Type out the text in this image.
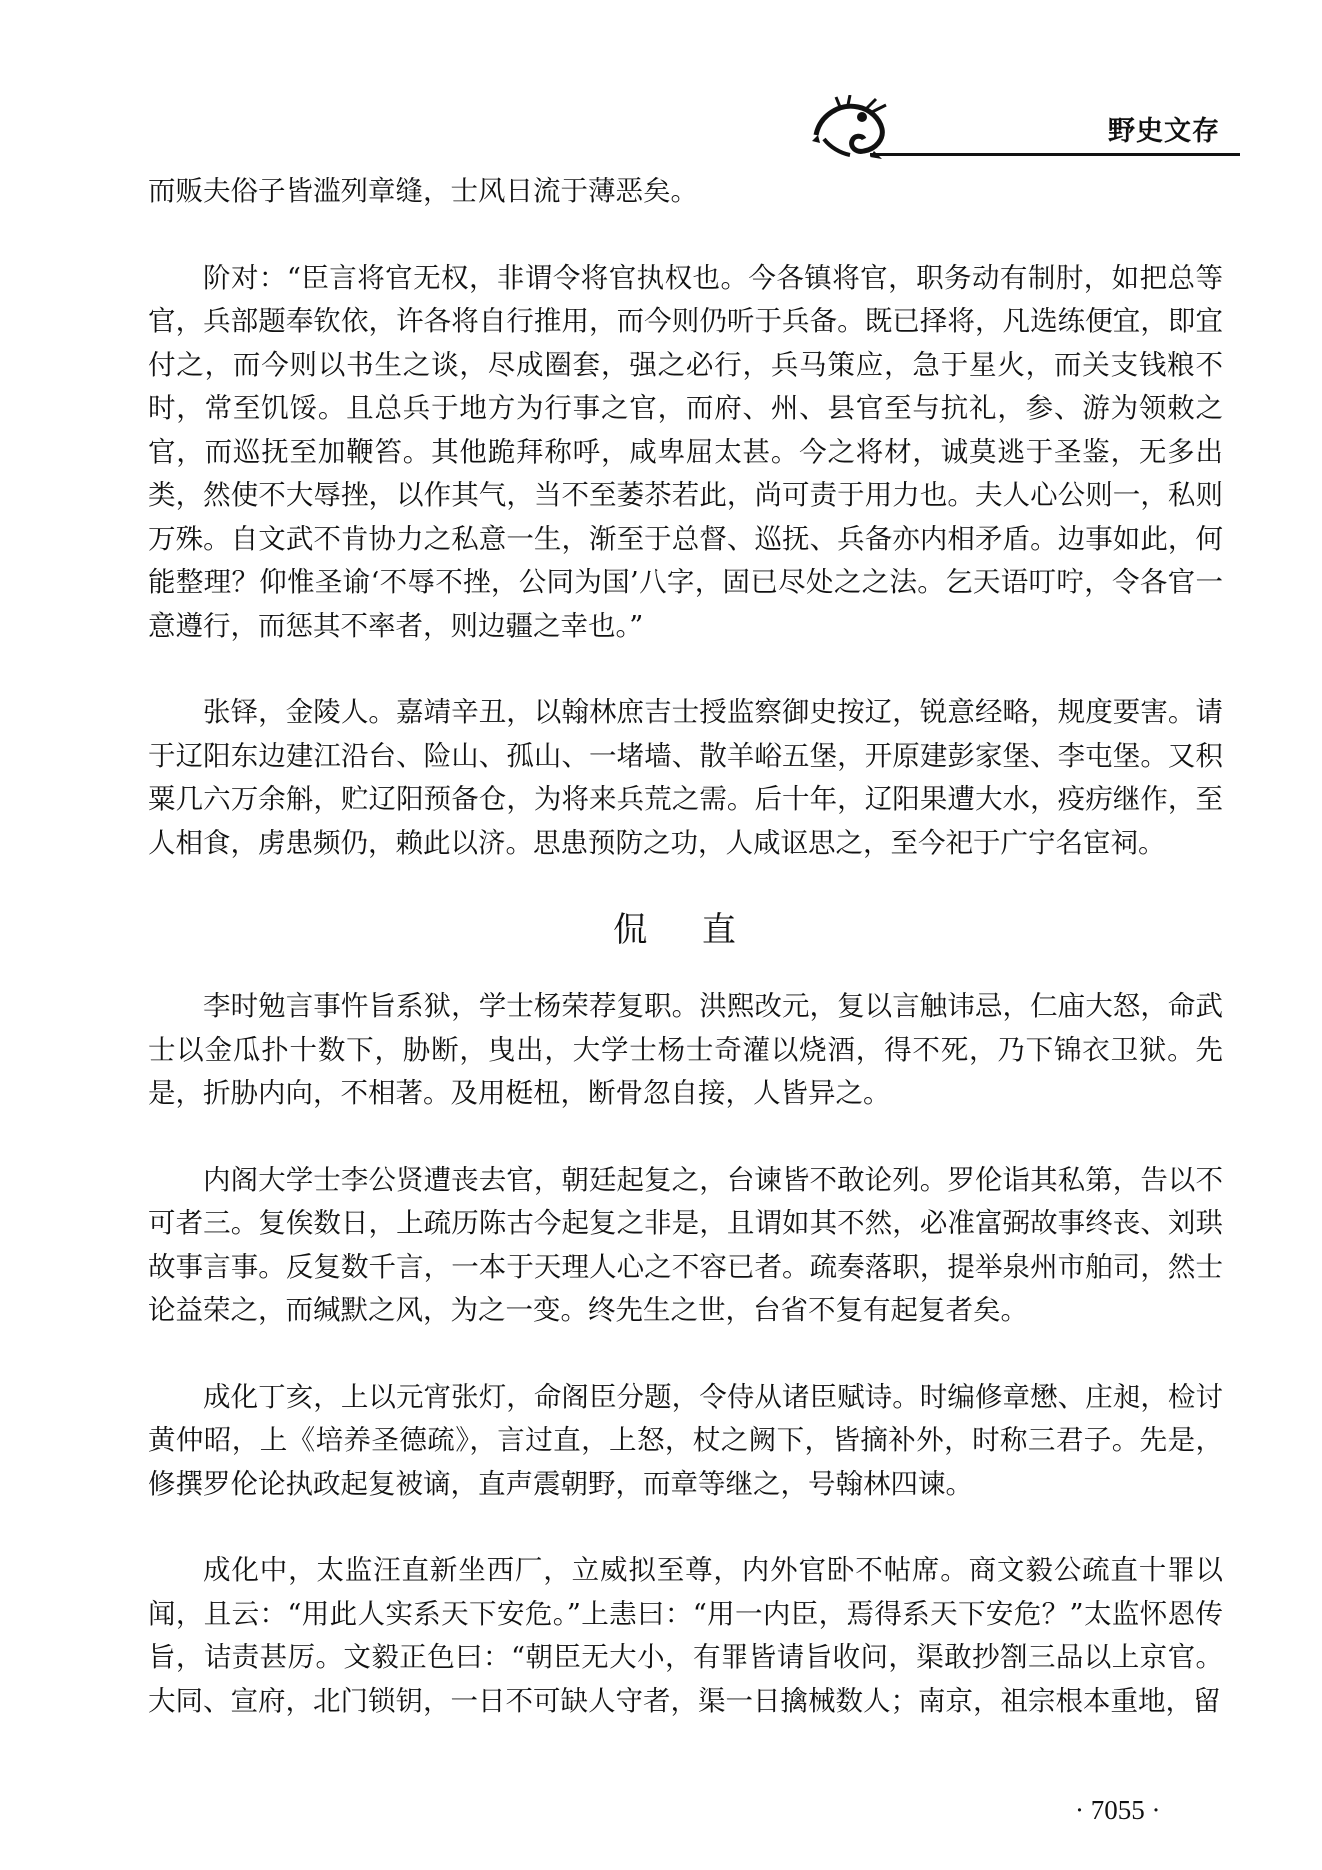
野史文存

而贩夫俗子皆滥列章缝，士风日流于薄恶矣。

阶对：“臣言将官无权，非谓令将官执权也。今各镇将官，职务动有制肘，如把总等官，兵部题奉钦依，许各将自行推用，而今则仍听于兵备。既已择将，凡选练便宜，即宜付之，而今则以书生之谈，尽成圈套，强之必行，兵马策应，急于星火，而关支钱粮不时，常至饥馁。且总兵于地方为行事之官，而府、州、县官至与抗礼，参、游为领敕之官，而巡抚至加鞭笞。其他跪拜称呼，咸卑屈太甚。今之将材，诚莫逃于圣鉴，无多出类，然使不大辱挫，以作其气，当不至萎苶若此，尚可责于用力也。夫人心公则一，私则万殊。自文武不肯协力之私意一生，渐至于总督、巡抚、兵备亦内相矛盾。边事如此，何能整理？仰惟圣谕‘不辱不挫，公同为国’八字，固已尽处之之法。乞天语叮咛，令各官一意遵行，而惩其不率者，则边疆之幸也。”

张铎，金陵人。嘉靖辛丑，以翰林庶吉士授监察御史按辽，锐意经略，规度要害。请于辽阳东边建江沿台、险山、孤山、一堵墙、散羊峪五堡，开原建彭家堡、李屯堡。又积粟几六万余斛，贮辽阳预备仓，为将来兵荒之需。后十年，辽阳果遭大水，疫疠继作，至人相食，虏患频仍，赖此以济。思患预防之功，人咸讴思之，至今祀于广宁名宦祠。

侃 直

李时勉言事忤旨系狱，学士杨荣荐复职。洪熙改元，复以言触讳忌，仁庙大怒，命武士以金瓜扑十数下，胁断，曳出，大学士杨士奇灌以烧酒，得不死，乃下锦衣卫狱。先是，折胁内向，不相著。及用梃杻，断骨忽自接，人皆异之。

内阁大学士李公贤遭丧去官，朝廷起复之，台谏皆不敢论列。罗伦诣其私第，告以不可者三。复俟数日，上疏历陈古今起复之非是，且谓如其不然，必准富弼故事终丧、刘珙故事言事。反复数千言，一本于天理人心之不容已者。疏奏落职，提举泉州市舶司，然士论益荣之，而缄默之风，为之一变。终先生之世，台省不复有起复者矣。

成化丁亥，上以元宵张灯，命阁臣分题，令侍从诸臣赋诗。时编修章懋、庄昶，检讨黄仲昭，上《培养圣德疏》，言过直，上怒，杖之阙下，皆摘补外，时称三君子。先是，修撰罗伦论执政起复被谪，直声震朝野，而章等继之，号翰林四谏。

成化中，太监汪直新坐西厂，立威拟至尊，内外官卧不帖席。商文毅公疏直十罪以闻，且云：“用此人实系天下安危。”上恚曰：“用一内臣，焉得系天下安危？”太监怀恩传旨，诘责甚厉。文毅正色曰：“朝臣无大小，有罪皆请旨收问，渠敢抄劄三品以上京官。大同、宣府，北门锁钥，一日不可缺人守者，渠一日擒械数人；南京，祖宗根本重地，留

· 7055 ·
